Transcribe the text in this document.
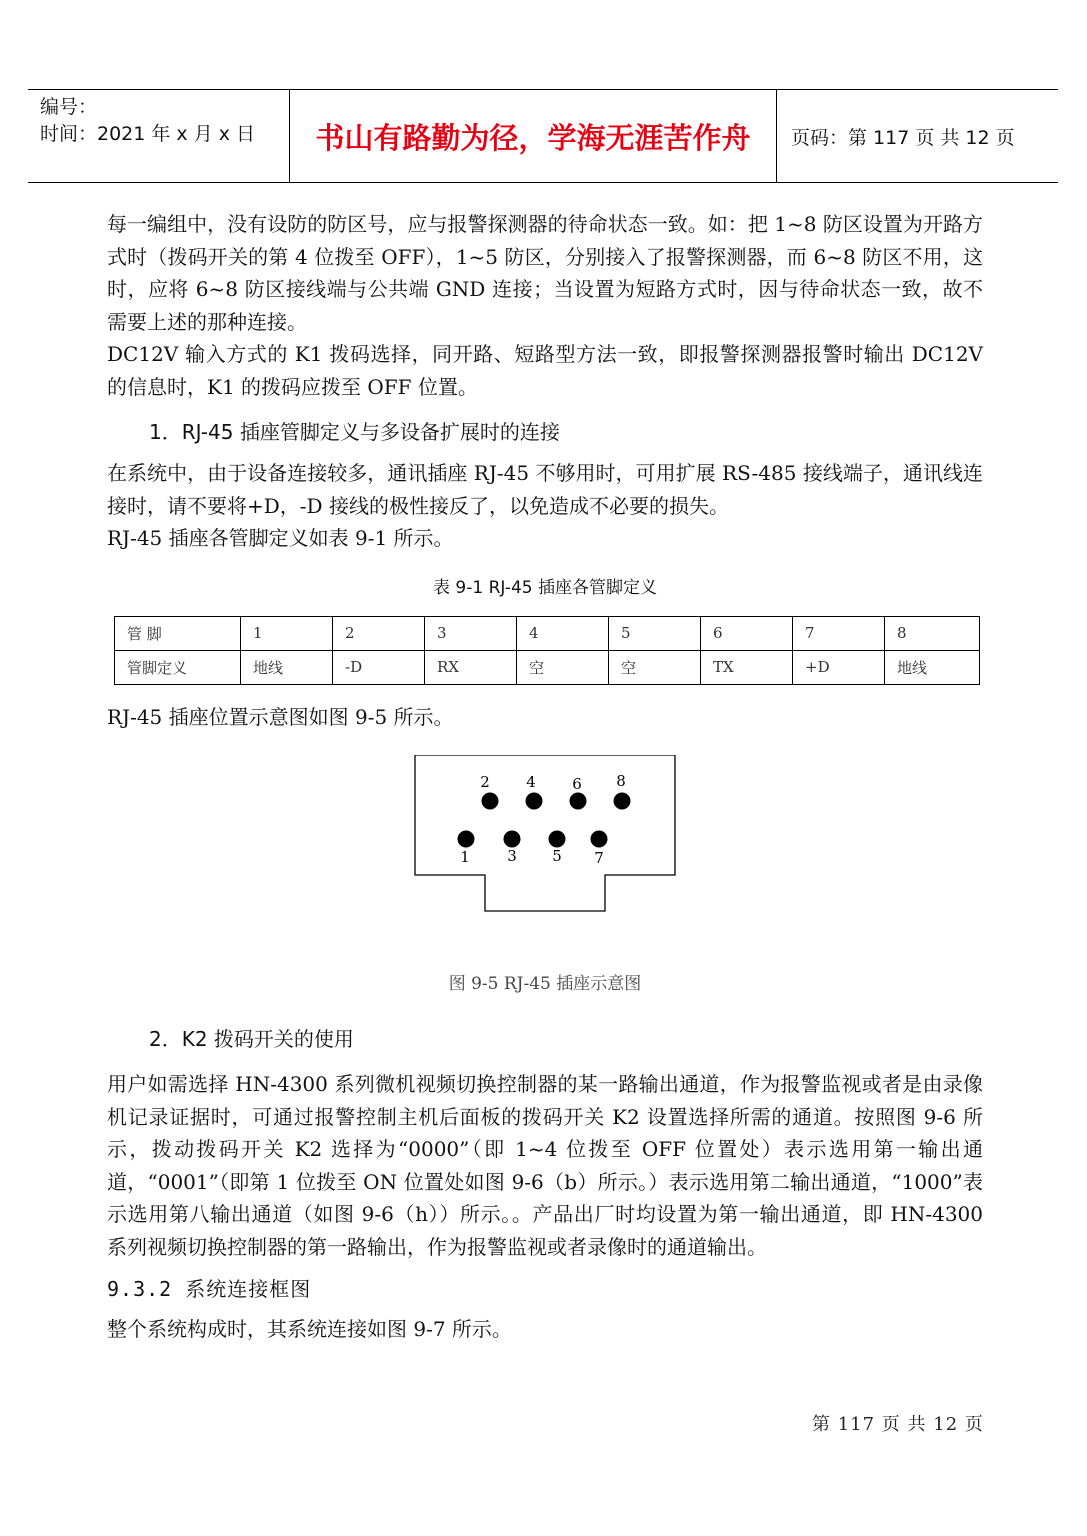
编号：
时间：2021 年 x 月 x 日	书山有路勤为径，学海无涯苦作舟	页码：第 117 页 共 12 页

每一编组中，没有设防的防区号，应与报警探测器的待命状态一致。如：把 1~8 防区设置为开路方式时（拨码开关的第 4 位拨至 OFF），1~5 防区，分别接入了报警探测器，而 6~8 防区不用，这时，应将 6~8 防区接线端与公共端 GND 连接；当设置为短路方式时，因与待命状态一致，故不需要上述的那种连接。

DC12V 输入方式的 K1 拨码选择，同开路、短路型方法一致，即报警探测器报警时输出 DC12V 的信息时，K1 的拨码应拨至 OFF 位置。

1．RJ-45 插座管脚定义与多设备扩展时的连接

在系统中，由于设备连接较多，通讯插座 RJ-45 不够用时，可用扩展 RS-485 接线端子，通讯线连接时，请不要将+D，-D 接线的极性接反了，以免造成不必要的损失。

RJ-45 插座各管脚定义如表 9-1 所示。

表 9-1 RJ-45 插座各管脚定义
管 脚	1	2	3	4	5	6	7	8
管脚定义	地线	-D	RX	空	空	TX	+D	地线

RJ-45 插座位置示意图如图 9-5 所示。

2 4 6 8
1 3 5 7
图 9-5 RJ-45 插座示意图
2．K2 拨码开关的使用

用户如需选择 HN-4300 系列微机视频切换控制器的某一路输出通道，作为报警监视或者是由录像机记录证据时，可通过报警控制主机后面板的拨码开关 K2 设置选择所需的通道。按照图 9-6 所示，拨动拨码开关 K2 选择为“0000”（即 1~4 位拨至 OFF 位置处）表示选用第一输出通道，“0001”（即第 1 位拨至 ON 位置处如图 9-6（b）所示。）表示选用第二输出通道，“1000”表示选用第八输出通道（如图 9-6（h））所示。。产品出厂时均设置为第一输出通道，即 HN-4300 系列视频切换控制器的第一路输出，作为报警监视或者录像时的通道输出。

9.3.2 系统连接框图

整个系统构成时，其系统连接如图 9-7 所示。

第 117 页 共 12 页
